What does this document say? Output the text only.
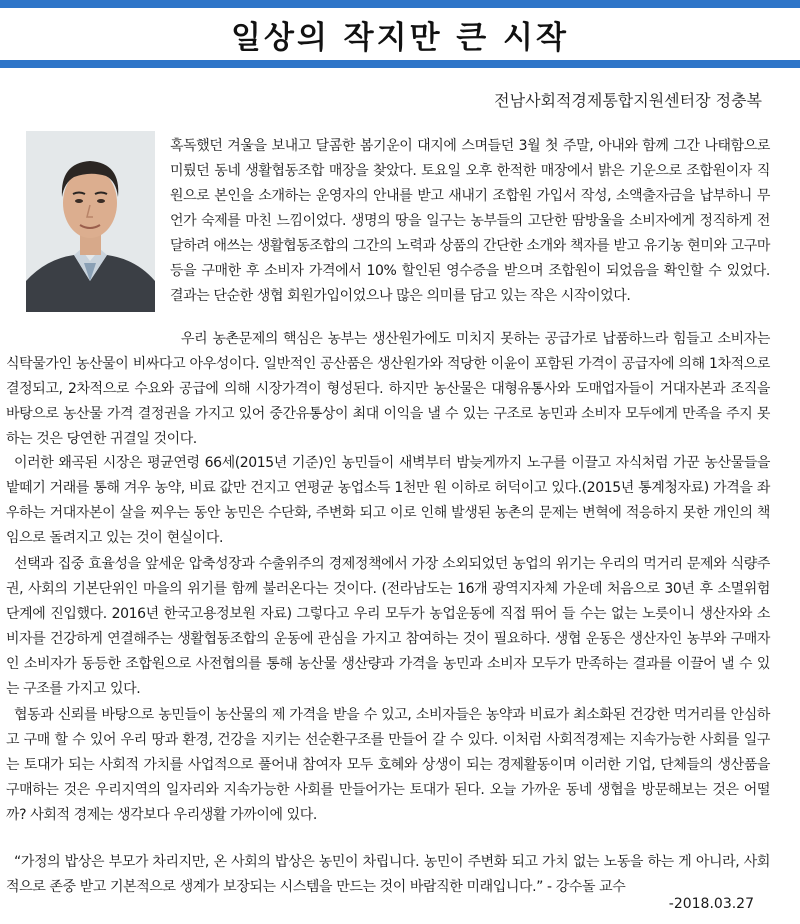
일상의 작지만 큰 시작
전남사회적경제통합지원센터장 정충복

혹독했던 겨울을 보내고 달콤한 봄기운이 대지에 스며들던 3월 첫 주말, 아내와 함께 그간 나태함으로 미뤘던 동네 생활협동조합 매장을 찾았다. 토요일 오후 한적한 매장에서 밝은 기운으로 조합원이자 직원으로 본인을 소개하는 운영자의 안내를 받고 새내기 조합원 가입서 작성, 소액출자금을 납부하니 무언가 숙제를 마친 느낌이었다. 생명의 땅을 일구는 농부들의 고단한 땀방울을 소비자에게 정직하게 전달하려 애쓰는 생활협동조합의 그간의 노력과 상품의 간단한 소개와 책자를 받고 유기농 현미와 고구마 등을 구매한 후 소비자 가격에서 10% 할인된 영수증을 받으며 조합원이 되었음을 확인할 수 있었다. 결과는 단순한 생협 회원가입이었으나 많은 의미를 담고 있는 작은 시작이었다.

우리 농촌문제의 핵심은 농부는 생산원가에도 미치지 못하는 공급가로 납품하느라 힘들고 소비자는 식탁물가인 농산물이 비싸다고 아우성이다. 일반적인 공산품은 생산원가와 적당한 이윤이 포함된 가격이 공급자에 의해 1차적으로 결정되고, 2차적으로 수요와 공급에 의해 시장가격이 형성된다. 하지만 농산물은 대형유통사와 도매업자들이 거대자본과 조직을 바탕으로 농산물 가격 결정권을 가지고 있어 중간유통상이 최대 이익을 낼 수 있는 구조로 농민과 소비자 모두에게 만족을 주지 못하는 것은 당연한 귀결일 것이다.

이러한 왜곡된 시장은 평균연령 66세(2015년 기준)인 농민들이 새벽부터 밤늦게까지 노구를 이끌고 자식처럼 가꾼 농산물들을 밭떼기 거래를 통해 겨우 농약, 비료 값만 건지고 연평균 농업소득 1천만 원 이하로 허덕이고 있다.(2015년 통계청자료) 가격을 좌우하는 거대자본이 살을 찌우는 동안 농민은 수단화, 주변화 되고 이로 인해 발생된 농촌의 문제는 변혁에 적응하지 못한 개인의 책임으로 돌려지고 있는 것이 현실이다.

선택과 집중 효율성을 앞세운 압축성장과 수출위주의 경제정책에서 가장 소외되었던 농업의 위기는 우리의 먹거리 문제와 식량주권, 사회의 기본단위인 마을의 위기를 함께 불러온다는 것이다. (전라남도는 16개 광역지자체 가운데 처음으로 30년 후 소멸위험단계에 진입했다. 2016년 한국고용정보원 자료) 그렇다고 우리 모두가 농업운동에 직접 뛰어 들 수는 없는 노릇이니 생산자와 소비자를 건강하게 연결해주는 생활협동조합의 운동에 관심을 가지고 참여하는 것이 필요하다. 생협 운동은 생산자인 농부와 구매자인 소비자가 동등한 조합원으로 사전협의를 통해 농산물 생산량과 가격을 농민과 소비자 모두가 만족하는 결과를 이끌어 낼 수 있는 구조를 가지고 있다.

협동과 신뢰를 바탕으로 농민들이 농산물의 제 가격을 받을 수 있고, 소비자들은 농약과 비료가 최소화된 건강한 먹거리를 안심하고 구매 할 수 있어 우리 땅과 환경, 건강을 지키는 선순환구조를 만들어 갈 수 있다. 이처럼 사회적경제는 지속가능한 사회를 일구는 토대가 되는 사회적 가치를 사업적으로 풀어내 참여자 모두 호혜와 상생이 되는 경제활동이며 이러한 기업, 단체들의 생산품을 구매하는 것은 우리지역의 일자리와 지속가능한 사회를 만들어가는 토대가 된다. 오늘 가까운 동네 생협을 방문해보는 것은 어떨까? 사회적 경제는 생각보다 우리생활 가까이에 있다.

“가정의 밥상은 부모가 차리지만, 온 사회의 밥상은 농민이 차립니다. 농민이 주변화 되고 가치 없는 노동을 하는 게 아니라, 사회적으로 존중 받고 기본적으로 생계가 보장되는 시스템을 만드는 것이 바람직한 미래입니다.” - 강수돌 교수

-2018.03.27
